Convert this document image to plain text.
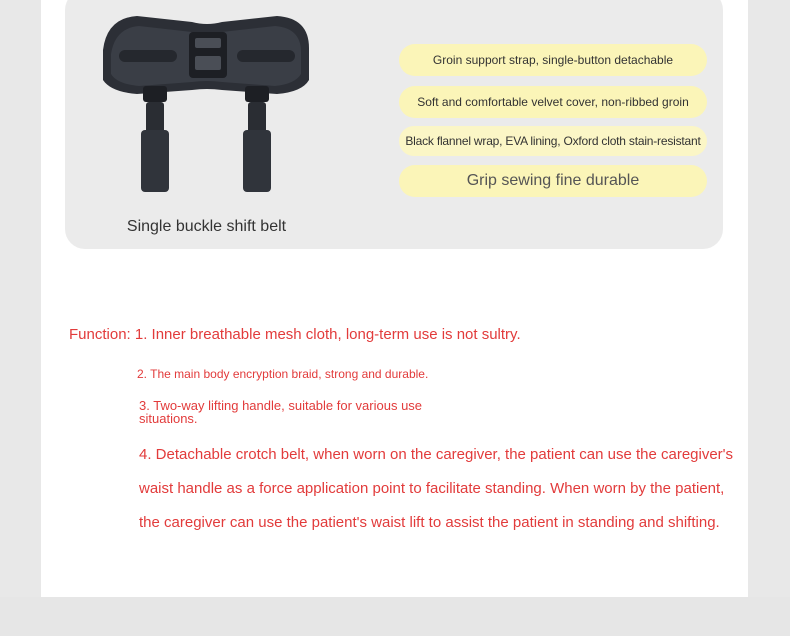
Single buckle shift belt
Groin support strap, single-button detachable
Soft and comfortable velvet cover, non-ribbed groin
Black flannel wrap, EVA lining, Oxford cloth stain-resistant
Grip sewing fine durable
Function: 1. Inner breathable mesh cloth, long-term use is not sultry.
2. The main body encryption braid, strong and durable.
3. Two-way lifting handle, suitable for various use situations.
4. Detachable crotch belt, when worn on the caregiver, the patient can use the caregiver's waist handle as a force application point to facilitate standing. When worn by the patient, the caregiver can use the patient's waist lift to assist the patient in standing and shifting.
